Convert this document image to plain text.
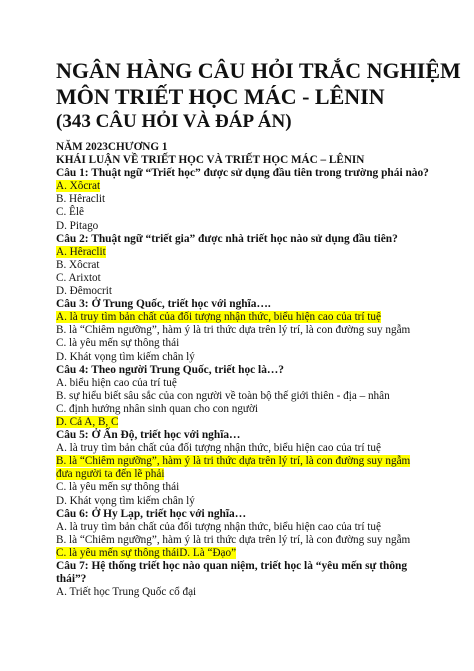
NGÂN HÀNG CÂU HỎI TRẮC NGHIỆM
MÔN TRIẾT HỌC MÁC - LÊNIN
(343 CÂU HỎI VÀ ĐÁP ÁN)
NĂM 2023CHƯƠNG 1
KHÁI LUẬN VỀ TRIẾT HỌC VÀ TRIẾT HỌC MÁC – LÊNIN
Câu 1: Thuật ngữ “Triết học” được sử dụng đầu tiên trong trường phái nào?
A. Xôcrat
B. Hêraclit
C. Êlê
D. Pitago
Câu 2: Thuật ngữ “triết gia” được nhà triết học nào sử dụng đầu tiên?
A. Hêraclit
B. Xôcrat
C. Arixtot
D. Đêmocrit
Câu 3: Ở Trung Quốc, triết học với nghĩa….
A. là truy tìm bản chất của đối tượng nhận thức, biểu hiện cao của trí tuệ
B. là “Chiêm ngưỡng”, hàm ý là tri thức dựa trên lý trí, là con đường suy ngẫm
C. là yêu mến sự thông thái
D. Khát vọng tìm kiếm chân lý
Câu 4: Theo người Trung Quốc, triết học là…?
A. biểu hiện cao của trí tuệ
B. sự hiểu biết sâu sắc của con người về toàn bộ thế giới thiên - địa – nhân
C. định hướng nhân sinh quan cho con người
D. Cả A, B, C
Câu 5: Ở Ấn Độ, triết học với nghĩa…
A. là truy tìm bản chất của đối tượng nhận thức, biểu hiện cao của trí tuệ
B. là “Chiêm ngưỡng”, hàm ý là tri thức dựa trên lý trí, là con đường suy ngẫm
đưa người ta đến lẽ phải
C. là yêu mến sự thông thái
D. Khát vọng tìm kiếm chân lý
Câu 6: Ở Hy Lạp, triết học với nghĩa…
A. là truy tìm bản chất của đối tượng nhận thức, biểu hiện cao của trí tuệ
B. là “Chiêm ngưỡng”, hàm ý là tri thức dựa trên lý trí, là con đường suy ngẫm
C. là yêu mến sự thông tháiD. Là “Đạo”
Câu 7: Hệ thống triết học nào quan niệm, triết học là “yêu mến sự thông
thái”?
A. Triết học Trung Quốc cổ đại
